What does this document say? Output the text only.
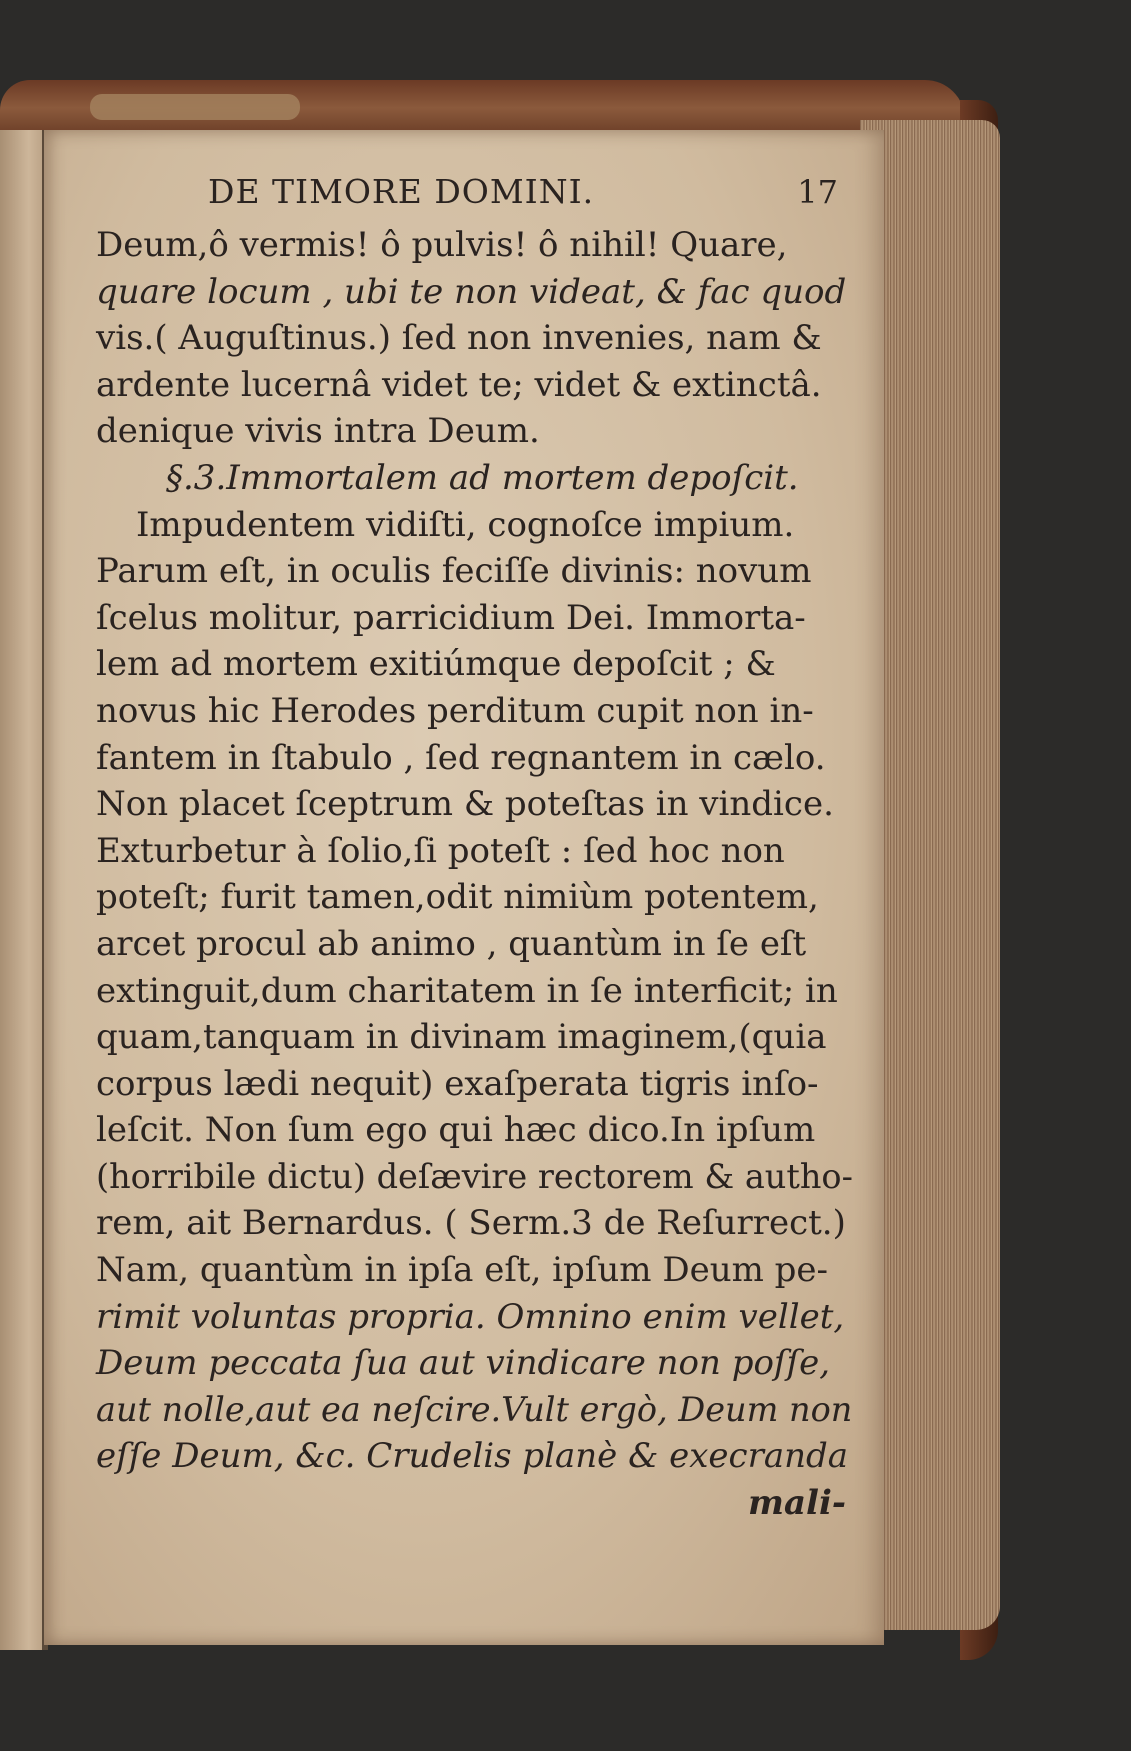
DE TIMORE DOMINI.	17
Deum,ô vermis! ô pulvis! ô nihil! Quare,
quare locum , ubi te non videat, & fac quod
vis.( Auguſtinus.) ſed non invenies, nam &
ardente lucernâ videt te; videt & extinctâ.
denique vivis intra Deum.
§.3.Immortalem ad mortem depoſcit.
Impudentem vidiſti, cognoſce impium.
Parum eſt, in oculis feciſſe divinis: novum
ſcelus molitur, parricidium Dei. Immorta-
lem ad mortem exitiúmque depoſcit ; &
novus hic Herodes perditum cupit non in-
fantem in ſtabulo , ſed regnantem in cælo.
Non placet ſceptrum & poteſtas in vindice.
Exturbetur à ſolio,ſi poteſt : ſed hoc non
poteſt; furit tamen,odit nimiùm potentem,
arcet procul ab animo , quantùm in ſe eſt
extinguit,dum charitatem in ſe interficit; in
quam,tanquam in divinam imaginem,(quia
corpus lædi nequit) exaſperata tigris inſo-
leſcit. Non ſum ego qui hæc dico.In ipſum
(horribile dictu) deſævire rectorem & autho-
rem, ait Bernardus. ( Serm.3 de Reſurrect.)
Nam, quantùm in ipſa eſt, ipſum Deum pe-
rimit voluntas propria. Omnino enim vellet,
Deum peccata ſua aut vindicare non poſſe,
aut nolle,aut ea neſcire.Vult ergò, Deum non
eſſe Deum, &c. Crudelis planè & execranda
mali-
